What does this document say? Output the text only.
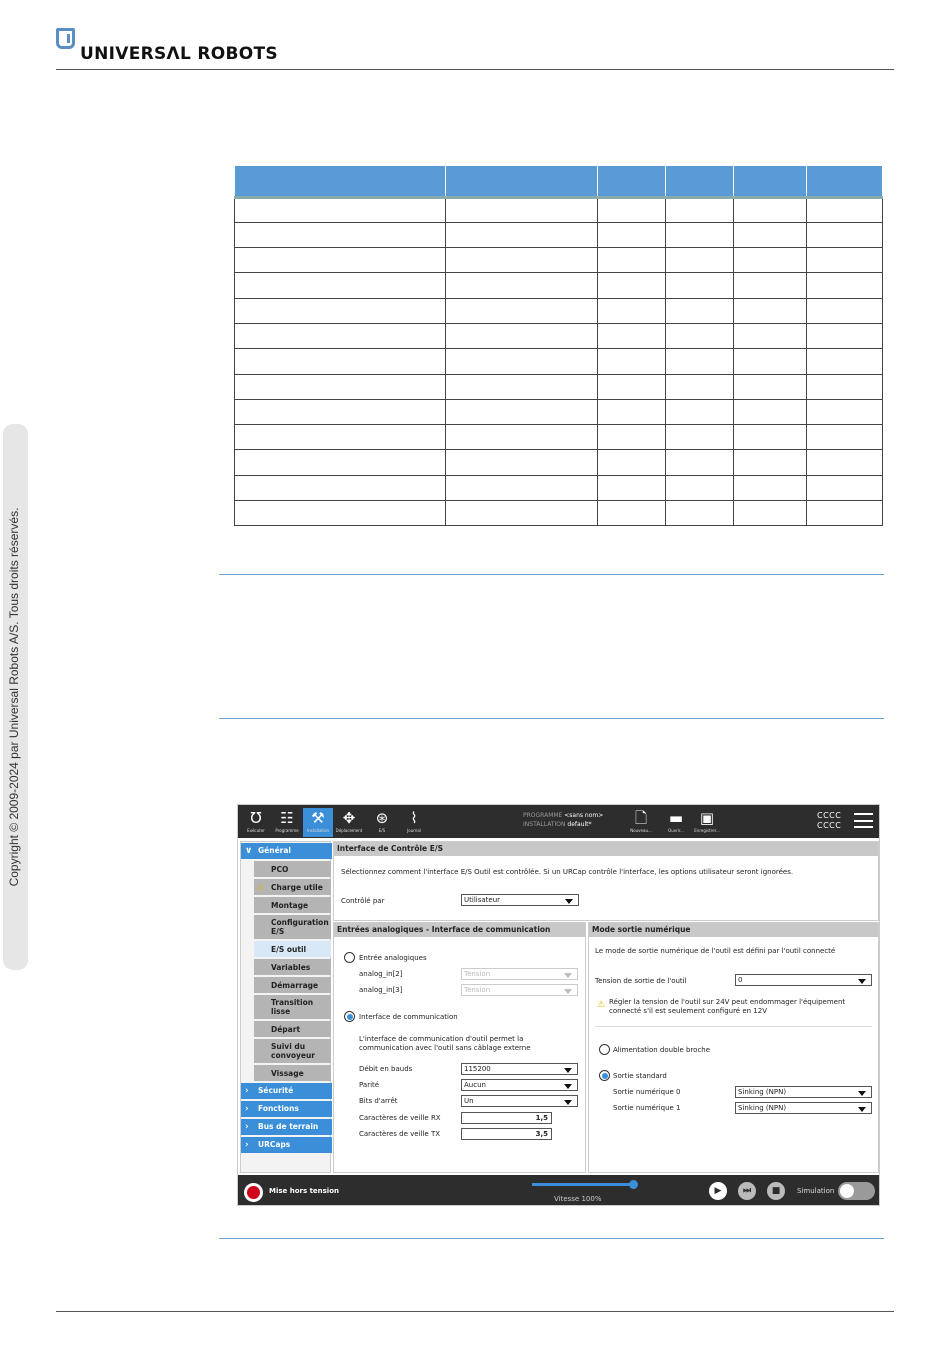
UNIVERSΛL ROBOTS
Copyright © 2009-2024 par Universal Robots A/S. Tous droits réservés.

						Ʊ
Exécuter
☷
Programme
⚒
Installation
✥
Déplacement
⊛
E/S
⌇
Journal
PROGRAMME <sans nom>
INSTALLATION default*	🗋
Nouveau...
▬
Ouvrir...
▣
Enregistrer...
CCCC
CCCC
∨ Général
PCO
⚠ Charge utile
Montage
Configuration E/S
E/S outil
Variables
Démarrage
Transition lisse
Départ
Suivi du convoyeur
Vissage
› Sécurité
› Fonctions
› Bus de terrain
› URCaps
Interface de Contrôle E/S
Sélectionnez comment l'interface E/S Outil est contrôlée. Si un URCap contrôle l'interface, les options utilisateur seront ignorées.
Contrôlé par	Utilisateur
Entrées analogiques - Interface de communication
Entrée analogiques
analog_in[2]	Tension
analog_in[3]	Tension
Interface de communication
L'interface de communication d'outil permet la
communication avec l'outil sans câblage externe
Débit en bauds	115200
Parité	Aucun
Bits d'arrêt	Un
Caractères de veille RX	1,5
Caractères de veille TX	3,5
Mode sortie numérique
Le mode de sortie numérique de l'outil est défini par l'outil connecté
Tension de sortie de l'outil	0
⚠ Régler la tension de l'outil sur 24V peut endommager l'équipement
connecté s'il est seulement configuré en 12V
Alimentation double broche
Sortie standard
Sortie numérique 0	Sinking (NPN)
Sortie numérique 1	Sinking (NPN)
Mise hors tension
Vitesse 100%
▶	⏭	■	Simulation
